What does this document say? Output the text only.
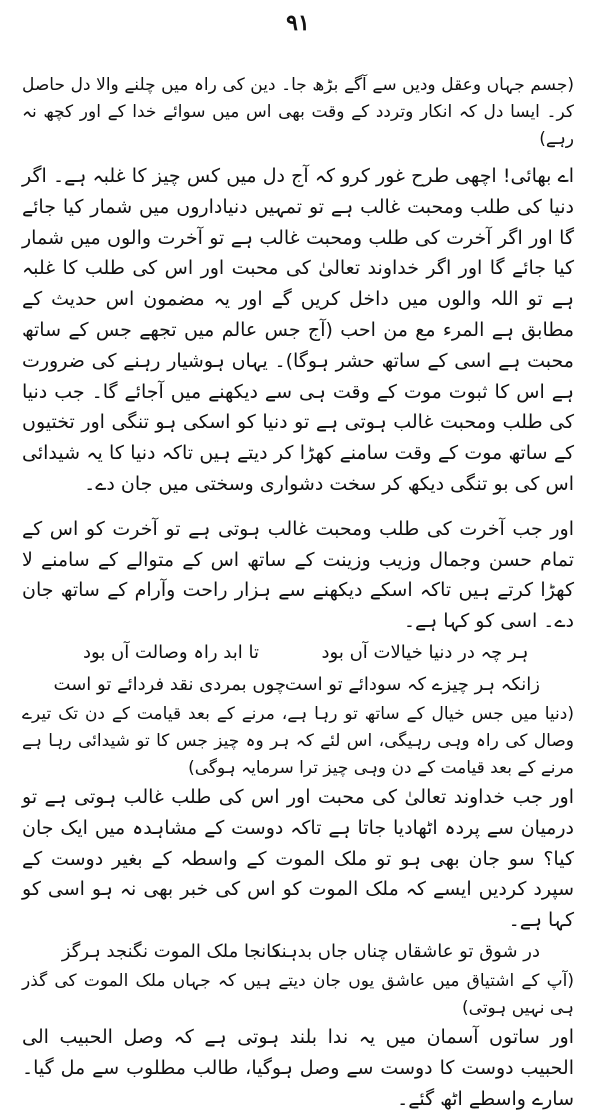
٩١

(جسم جہاں وعقل ودیں سے آگے بڑھ جا۔ دین کی راہ میں چلنے والا دل حاصل کر۔ ایسا دل کہ انکار وتردد کے وقت بھی اس میں سوائے خدا کے اور کچھ نہ رہے)

اے بھائی! اچھی طرح غور کرو کہ آج دل میں کس چیز کا غلبہ ہے۔ اگر دنیا کی طلب ومحبت غالب ہے تو تمہیں دنیاداروں میں شمار کیا جائے گا اور اگر آخرت کی طلب ومحبت غالب ہے تو آخرت والوں میں شمار کیا جائے گا اور اگر خداوند تعالیٰ کی محبت اور اس کی طلب کا غلبہ ہے تو اللہ والوں میں داخل کریں گے اور یہ مضمون اس حدیث کے مطابق ہے المرء مع من احب (آج جس عالم میں تجھے جس کے ساتھ محبت ہے اسی کے ساتھ حشر ہوگا)۔ یہاں ہوشیار رہنے کی ضرورت ہے اس کا ثبوت موت کے وقت ہی سے دیکھنے میں آجائے گا۔ جب دنیا کی طلب ومحبت غالب ہوتی ہے تو دنیا کو اسکی ہو تنگی اور تختیوں کے ساتھ موت کے وقت سامنے کھڑا کر دیتے ہیں تاکہ دنیا کا یہ شیدائی اس کی بو تنگی دیکھ کر سخت دشواری وسختی میں جان دے۔

اور جب آخرت کی طلب ومحبت غالب ہوتی ہے تو آخرت کو اس کے تمام حسن وجمال وزیب وزینت کے ساتھ اس کے متوالے کے سامنے لا کھڑا کرتے ہیں تاکہ اسکے دیکھنے سے ہزار راحت وآرام کے ساتھ جان دے۔ اسی کو کہا ہے۔

ہر چہ در دنیا خیالات آں بود
تا ابد راہ وصالت آں بود
زانکہ ہر چیزے کہ سودائے تو است
چوں بمردی نقد فردائے تو است

(دنیا میں جس خیال کے ساتھ تو رہا ہے، مرنے کے بعد قیامت کے دن تک تیرے وصال کی راہ وہی رہیگی، اس لئے کہ ہر وہ چیز جس کا تو شیدائی رہا ہے مرنے کے بعد قیامت کے دن وہی چیز ترا سرمایہ ہوگی)

اور جب خداوند تعالیٰ کی محبت اور اس کی طلب غالب ہوتی ہے تو درمیان سے پردہ اٹھادیا جاتا ہے تاکہ دوست کے مشاہدہ میں ایک جان کیا؟ سو جان بھی ہو تو ملک الموت کے واسطہ کے بغیر دوست کے سپرد کردیں ایسے کہ ملک الموت کو اس کی خبر بھی نہ ہو اسی کو کہا ہے۔

در شوق تو عاشقاں چناں جاں بدہند
کانجا ملک الموت نگنجد ہرگز

(آپ کے اشتیاق میں عاشق یوں جان دیتے ہیں کہ جہاں ملک الموت کی گذر ہی نہیں ہوتی)

اور ساتوں آسمان میں یہ ندا بلند ہوتی ہے کہ وصل الحبیب الی الحبیب دوست کا دوست سے وصل ہوگیا، طالب مطلوب سے مل گیا۔ سارے واسطے اٹھ گئے۔
